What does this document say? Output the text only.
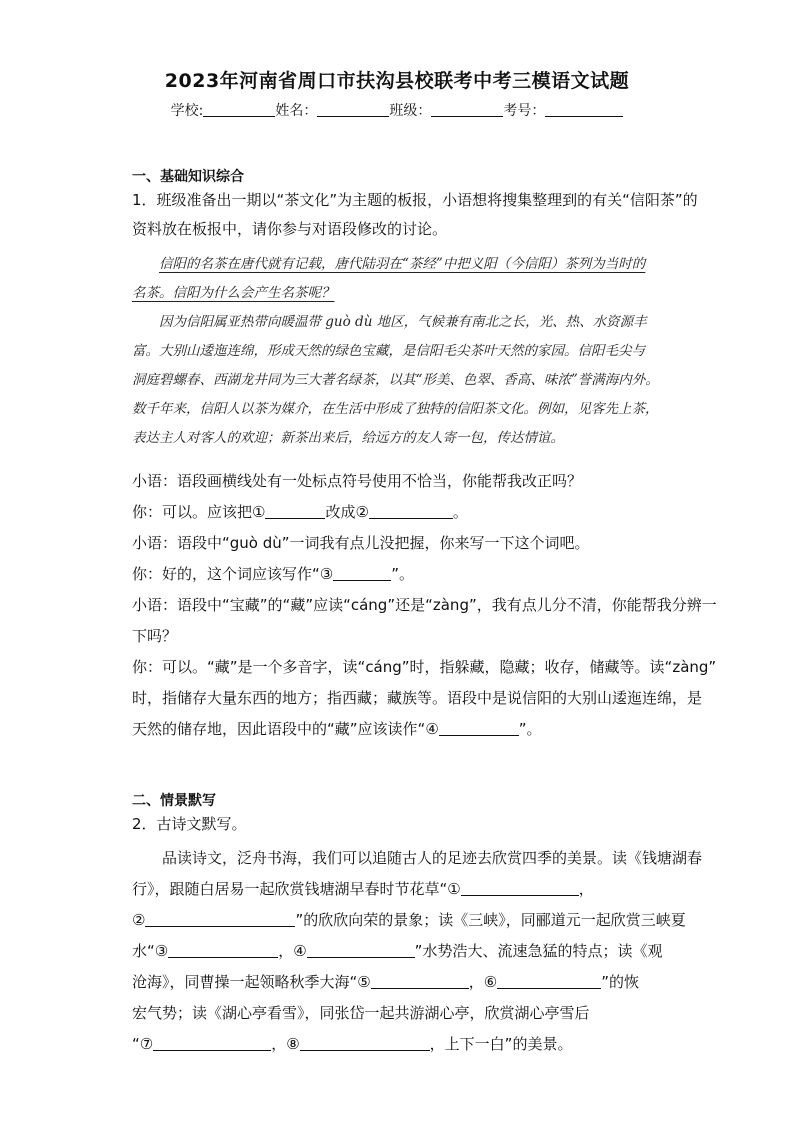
2023年河南省周口市扶沟县校联考中考三模语文试题
学校:	姓名：	班级：	考号：
一、基础知识综合
1．班级准备出一期以“茶文化”为主题的板报，小语想将搜集整理到的有关“信阳茶”的
资料放在板报中，请你参与对语段修改的讨论。
信阳的名茶在唐代就有记载，唐代陆羽在“茶经”中把义阳（今信阳）茶列为当时的
名茶。信阳为什么会产生名茶呢？
因为信阳属亚热带向暖温带 guò dù 地区，气候兼有南北之长，光、热、水资源丰
富。大别山逶迤连绵，形成天然的绿色宝藏，是信阳毛尖茶叶天然的家园。信阳毛尖与
洞庭碧螺春、西湖龙井同为三大著名绿茶，以其“形美、色翠、香高、味浓”誉满海内外。
数千年来，信阳人以茶为媒介，在生活中形成了独特的信阳茶文化。例如，见客先上茶，
表达主人对客人的欢迎；新茶出来后，给远方的友人寄一包，传达情谊。
小语：语段画横线处有一处标点符号使用不恰当，你能帮我改正吗？
你：可以。应该把①	改成②	。
小语：语段中“guò dù”一词我有点儿没把握，你来写一下这个词吧。
你：好的，这个词应该写作“③	”。
小语：语段中“宝藏”的“藏”应读“cáng”还是“zàng”，我有点儿分不清，你能帮我分辨一
下吗？
你：可以。“藏”是一个多音字，读“cáng”时，指躲藏，隐藏；收存，储藏等。读“zàng”
时，指储存大量东西的地方；指西藏；藏族等。语段中是说信阳的大别山逶迤连绵，是
天然的储存地，因此语段中的“藏”应该读作“④	”。
二、情景默写
2．古诗文默写。
品读诗文，泛舟书海，我们可以追随古人的足迹去欣赏四季的美景。读《钱塘湖春
行》，跟随白居易一起欣赏钱塘湖早春时节花草“①	，
②	”的欣欣向荣的景象；读《三峡》，同郦道元一起欣赏三峡夏
水“③	，④	”水势浩大、流速急猛的特点；读《观
沧海》，同曹操一起领略秋季大海“⑤	，⑥	”的恢
宏气势；读《湖心亭看雪》，同张岱一起共游湖心亭，欣赏湖心亭雪后
“⑦	，⑧	，上下一白”的美景。
